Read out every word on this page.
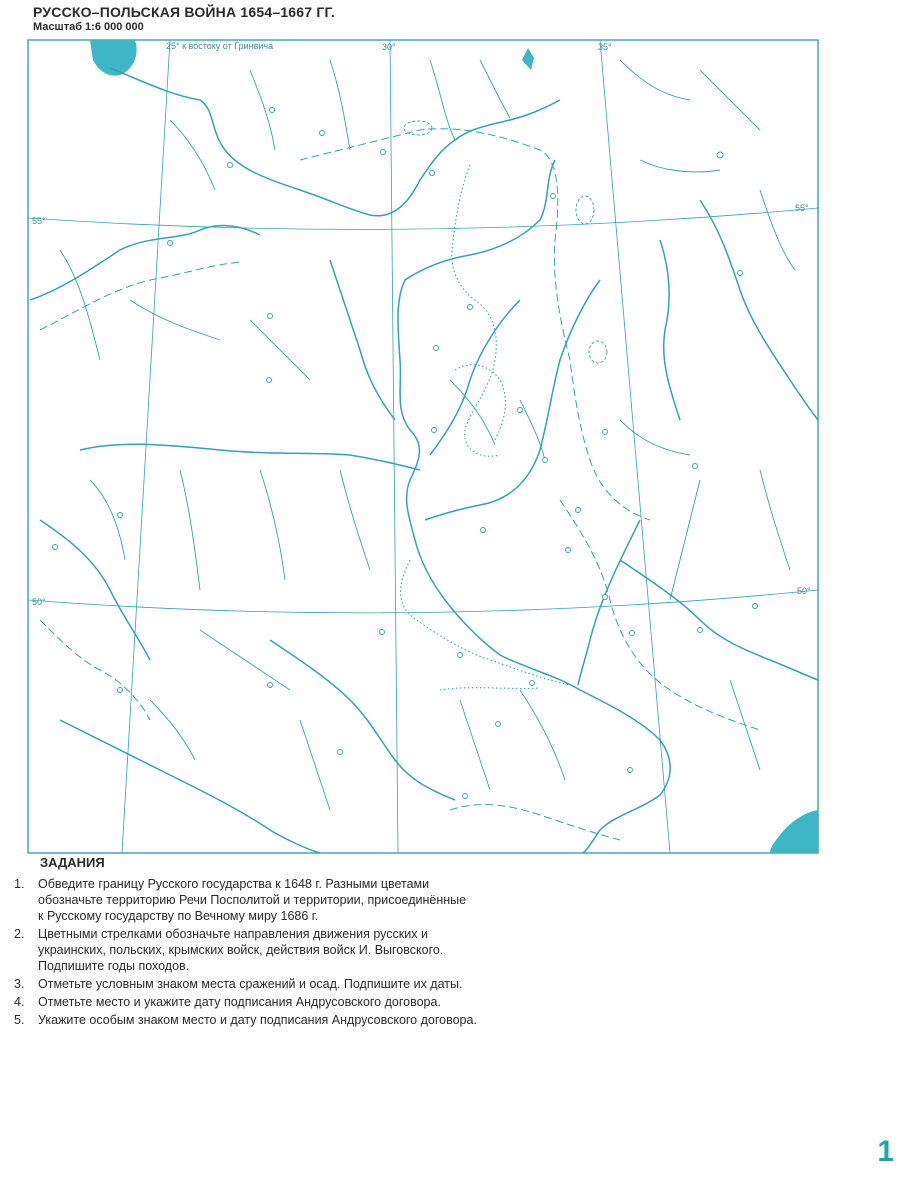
РУССКО–ПОЛЬСКАЯ ВОЙНА 1654–1667 ГГ.
Масштаб 1:6 000 000
25° к востоку от Гринвича	30°	35°
55°
55°
50°
50°
ЗАДАНИЯ
1.	Обведите границу Русского государства к 1648 г. Разными цветами
обозначьте территорию Речи Посполитой и территории, присоединённые
к Русскому государству по Вечному миру 1686 г.
2.	Цветными стрелками обозначьте направления движения русских и
украинских, польских, крымских войск, действия войск И. Выговского.
Подпишите годы походов.
3.	Отметьте условным знаком места сражений и осад. Подпишите их даты.
4.	Отметьте место и укажите дату подписания Андрусовского договора.
5.	Укажите особым знаком место и дату подписания Андрусовского договора.
1
